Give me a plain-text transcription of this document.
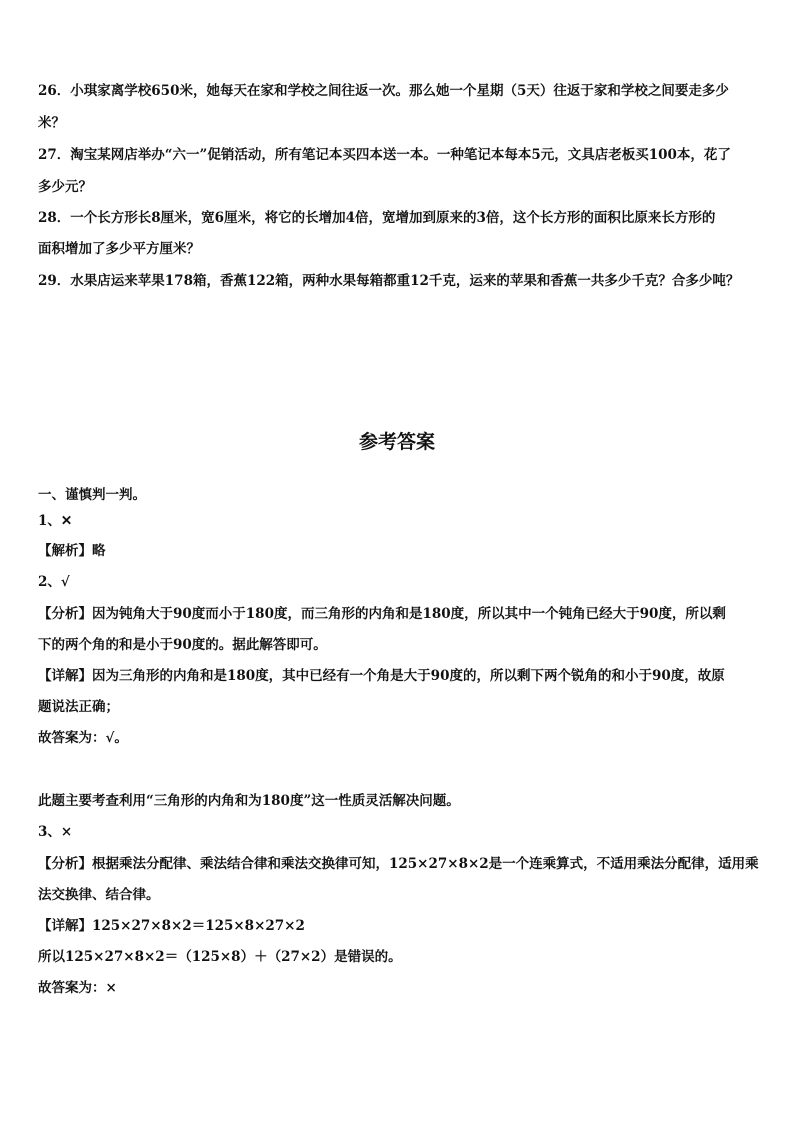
26．小琪家离学校650米，她每天在家和学校之间往返一次。那么她一个星期（5天）往返于家和学校之间要走多少
米？
27．淘宝某网店举办“六一”促销活动，所有笔记本买四本送一本。一种笔记本每本5元，文具店老板买100本，花了
多少元？
28．一个长方形长8厘米，宽6厘米，将它的长增加4倍，宽增加到原来的3倍，这个长方形的面积比原来长方形的
面积增加了多少平方厘米？
29．水果店运来苹果178箱，香蕉122箱，两种水果每箱都重12千克，运来的苹果和香蕉一共多少千克？合多少吨？
参考答案
一、谨慎判一判。
1、✕
【解析】略
2、√
【分析】因为钝角大于90度而小于180度，而三角形的内角和是180度，所以其中一个钝角已经大于90度，所以剩
下的两个角的和是小于90度的。据此解答即可。
【详解】因为三角形的内角和是180度，其中已经有一个角是大于90度的，所以剩下两个锐角的和小于90度，故原
题说法正确；
故答案为：√。
此题主要考查利用“三角形的内角和为180度”这一性质灵活解决问题。
3、×
【分析】根据乘法分配律、乘法结合律和乘法交换律可知，125×27×8×2是一个连乘算式，不适用乘法分配律，适用乘
法交换律、结合律。
【详解】125×27×8×2＝125×8×27×2
所以125×27×8×2＝（125×8）＋（27×2）是错误的。
故答案为：×
